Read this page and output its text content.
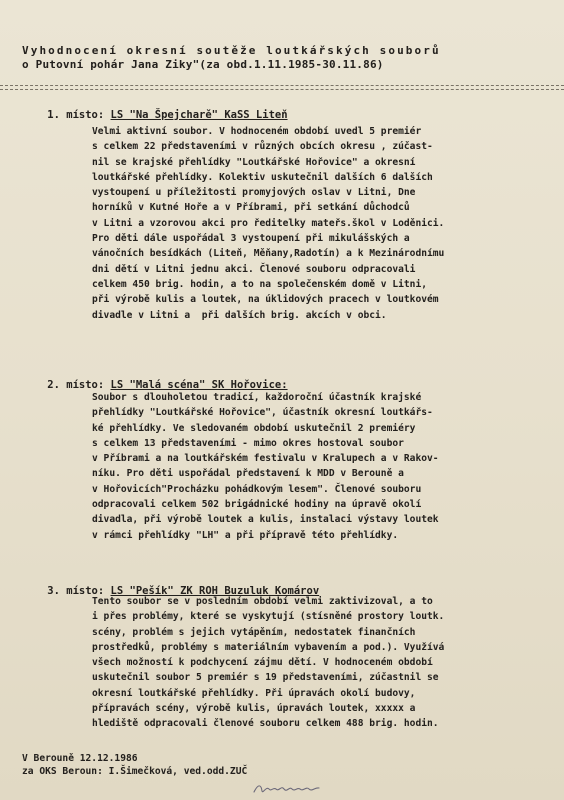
Vyhodnocení okresní soutěže loutkářských souborů
o Putovní pohár Jana Ziky"(za obd.1.11.1985-30.11.86)

1. místo: LS "Na Špejcharě" KaSS Liteň

Velmi aktivní soubor. V hodnoceném období uvedl 5 premiér
s celkem 22 představeními v různých obcích okresu , zúčast-
nil se krajské přehlídky "Loutkářské Hořovice" a okresní
loutkářské přehlídky. Kolektiv uskutečnil dalších 6 dalších
vystoupení u příležitosti promyjových oslav v Litni, Dne
horníků v Kutné Hoře a v Příbrami, při setkání důchodců
v Litni a vzorovou akci pro ředitelky mateřs.škol v Loděnici.
Pro děti dále uspořádal 3 vystoupení při mikulášských a
vánočních besídkách (Liteň, Měňany,Radotín) a k Mezinárodnímu
dni dětí v Litni jednu akci. Členové souboru odpracovali
celkem 450 brig. hodin, a to na společenském domě v Litni,
při výrobě kulis a loutek, na úklidových pracech v loutkovém
divadle v Litni a  při dalších brig. akcích v obci.

2. místo: LS "Malá scéna" SK Hořovice:

Soubor s dlouholetou tradicí, každoroční účastník krajské
přehlídky "Loutkářské Hořovice", účastník okresní loutkářs-
ké přehlídky. Ve sledovaném období uskutečnil 2 premiéry
s celkem 13 představeními - mimo okres hostoval soubor
v Příbrami a na loutkářském festivalu v Kralupech a v Rakov-
níku. Pro děti uspořádal představení k MDD v Berouně a
v Hořovicích"Procházku pohádkovým lesem". Členové souboru
odpracovali celkem 502 brigádnické hodiny na úpravě okolí
divadla, při výrobě loutek a kulis, instalaci výstavy loutek
v rámci přehlídky "LH" a při přípravě této přehlídky.

3. místo: LS "Pešík" ZK ROH Buzuluk Komárov

Tento soubor se v posledním období velmi zaktivizoval, a to
i přes problémy, které se vyskytují (stísněné prostory loutk.
scény, problém s jejich vytápěním, nedostatek finančních
prostředků, problémy s materiálním vybavením a pod.). Využívá
všech možností k podchycení zájmu dětí. V hodnoceném období
uskutečnil soubor 5 premiér s 19 představeními, zúčastnil se
okresní loutkářské přehlídky. Při úpravách okolí budovy,
přípravách scény, výrobě kulis, úpravách loutek, xxxxx a
hlediště odpracovali členové souboru celkem 488 brig. hodin.
V Berouně 12.12.1986
za OKS Beroun: I.Šimečková, ved.odd.ZUČ
